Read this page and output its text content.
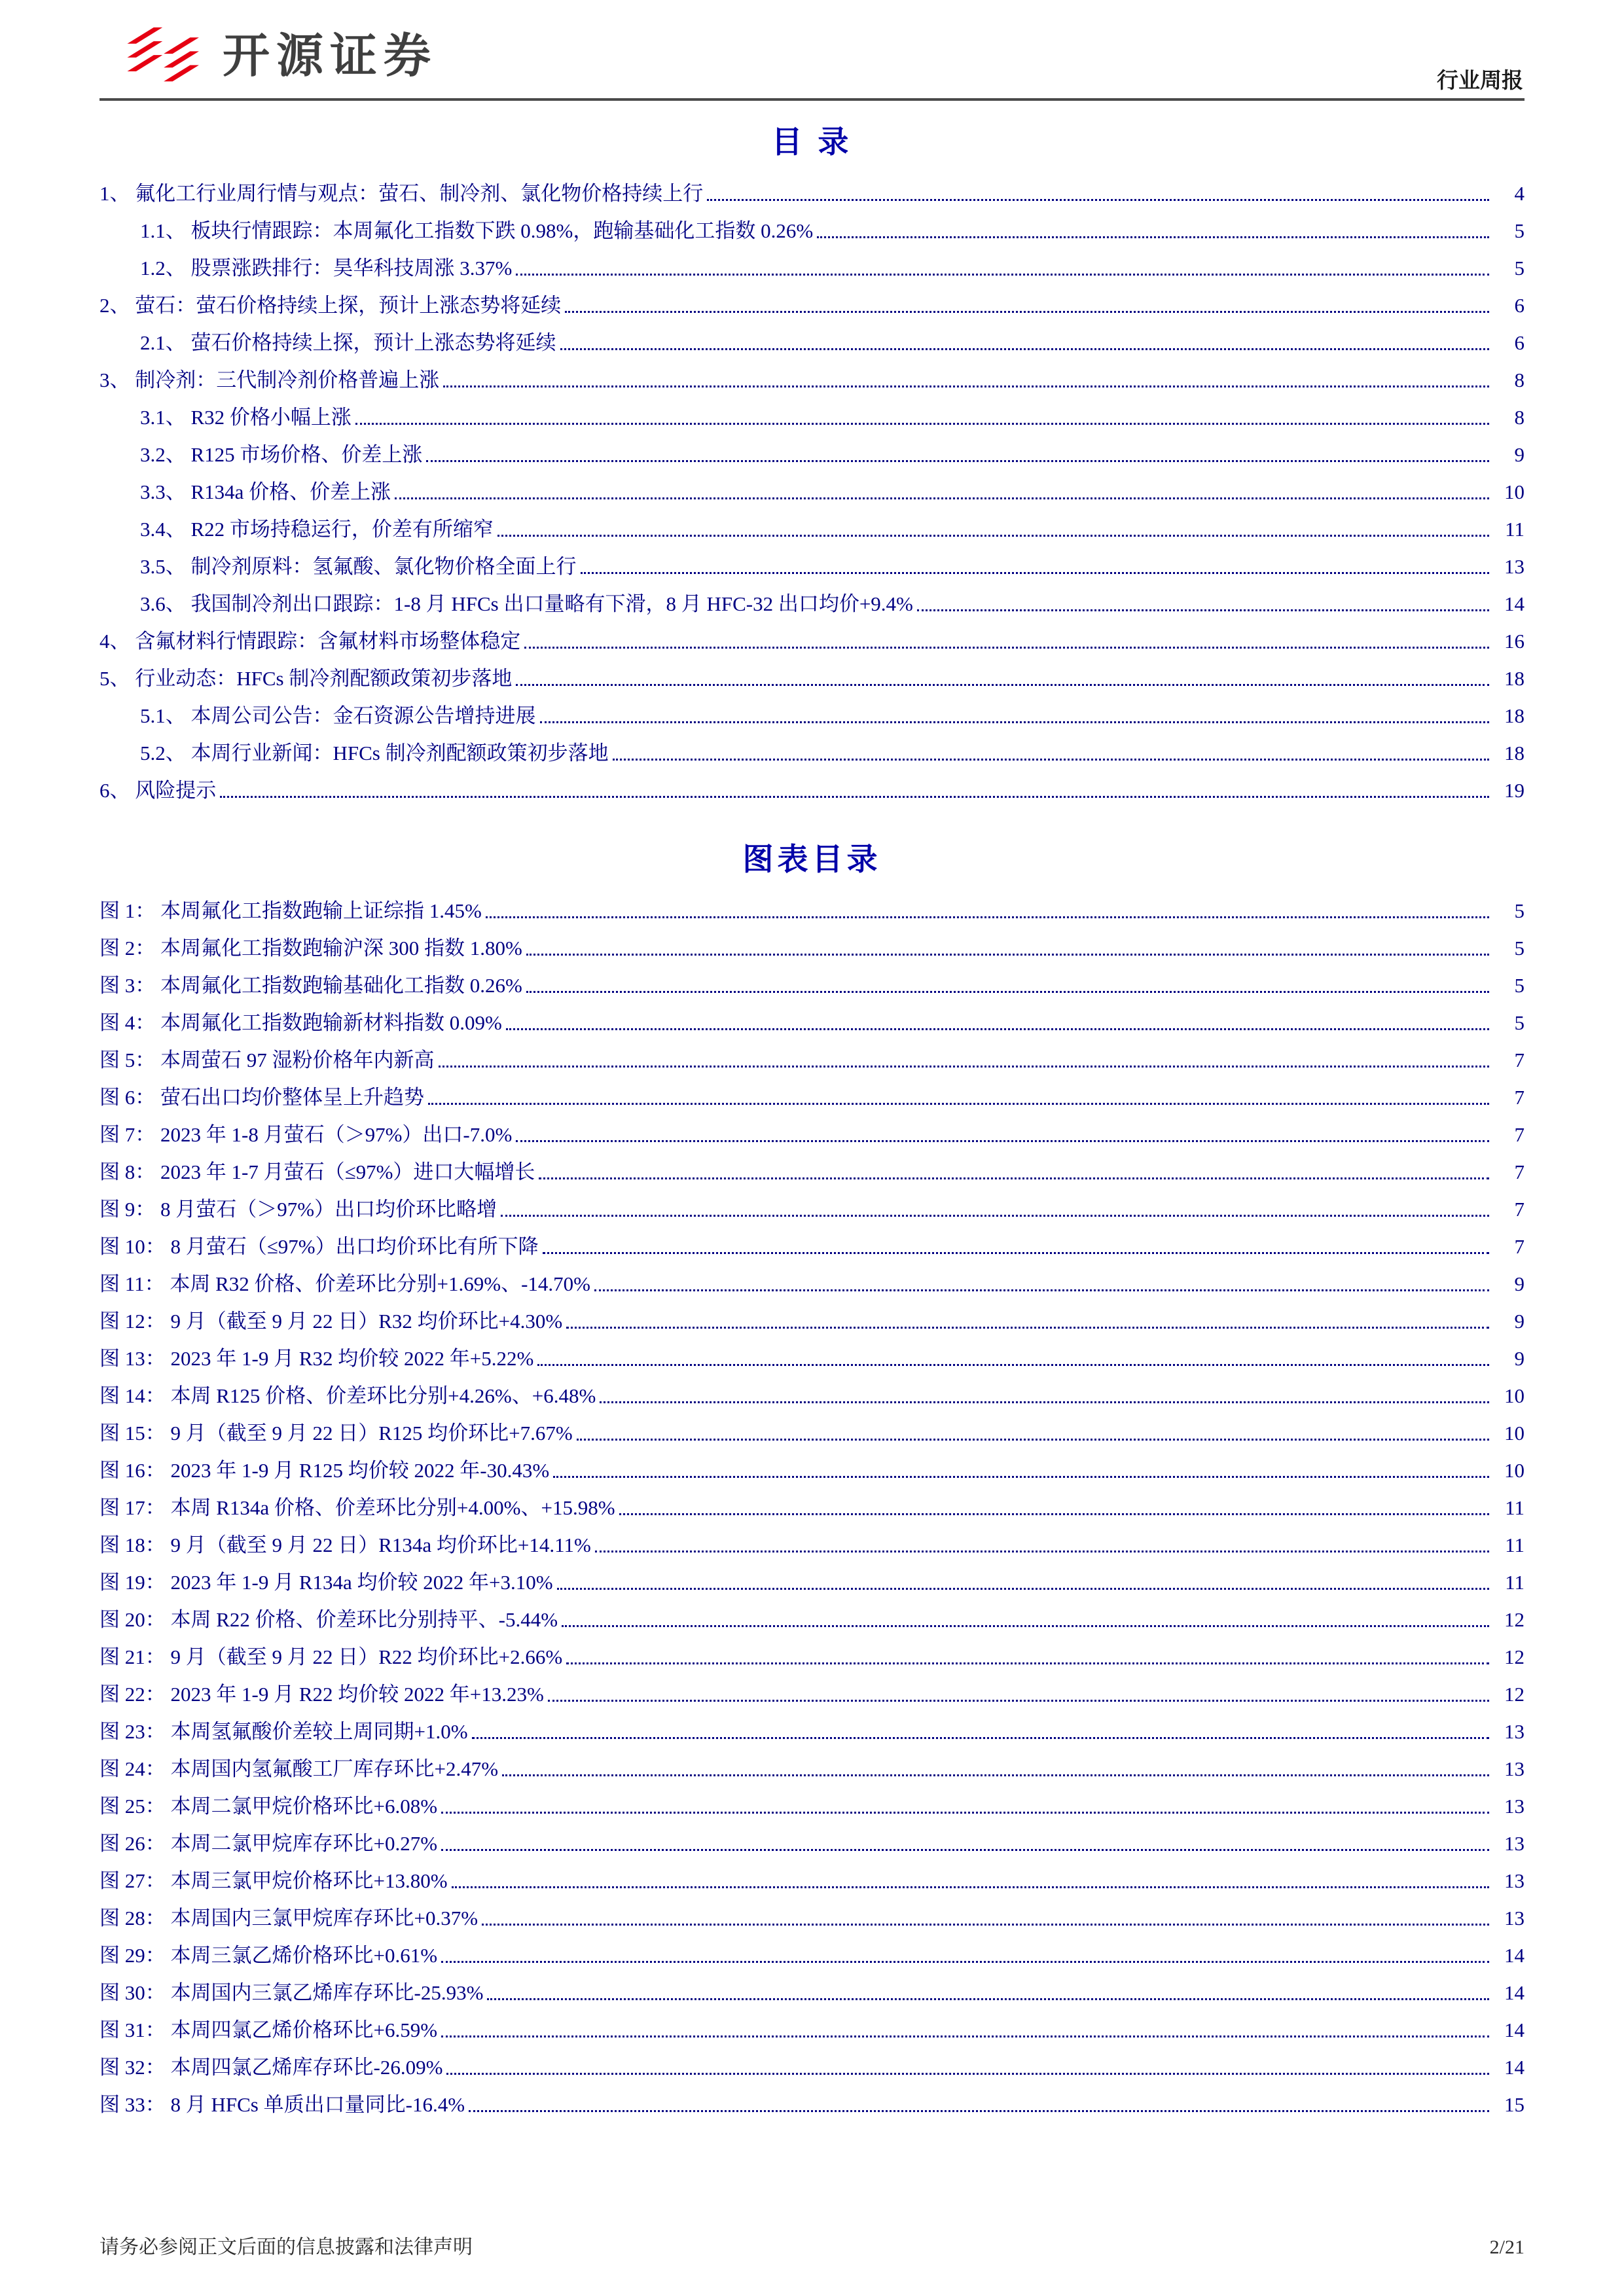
开源证券	行业周报
目 录
1、 氟化工行业周行情与观点：萤石、制冷剂、氯化物价格持续上行	4
1.1、 板块行情跟踪：本周氟化工指数下跌 0.98%，跑输基础化工指数 0.26%	5
1.2、 股票涨跌排行：昊华科技周涨 3.37%	5
2、 萤石：萤石价格持续上探，预计上涨态势将延续	6
2.1、 萤石价格持续上探，预计上涨态势将延续	6
3、 制冷剂：三代制冷剂价格普遍上涨	8
3.1、 R32 价格小幅上涨	8
3.2、 R125 市场价格、价差上涨	9
3.3、 R134a 价格、价差上涨	10
3.4、 R22 市场持稳运行，价差有所缩窄	11
3.5、 制冷剂原料：氢氟酸、氯化物价格全面上行	13
3.6、 我国制冷剂出口跟踪：1-8 月 HFCs 出口量略有下滑，8 月 HFC-32 出口均价+9.4%	14
4、 含氟材料行情跟踪：含氟材料市场整体稳定	16
5、 行业动态：HFCs 制冷剂配额政策初步落地	18
5.1、 本周公司公告：金石资源公告增持进展	18
5.2、 本周行业新闻：HFCs 制冷剂配额政策初步落地	18
6、 风险提示	19
图表目录
图 1： 本周氟化工指数跑输上证综指 1.45%	5
图 2： 本周氟化工指数跑输沪深 300 指数 1.80%	5
图 3： 本周氟化工指数跑输基础化工指数 0.26%	5
图 4： 本周氟化工指数跑输新材料指数 0.09%	5
图 5： 本周萤石 97 湿粉价格年内新高	7
图 6： 萤石出口均价整体呈上升趋势	7
图 7： 2023 年 1-8 月萤石（＞97%）出口-7.0%	7
图 8： 2023 年 1-7 月萤石（≤97%）进口大幅增长	7
图 9： 8 月萤石（＞97%）出口均价环比略增	7
图 10： 8 月萤石（≤97%）出口均价环比有所下降	7
图 11： 本周 R32 价格、价差环比分别+1.69%、-14.70%	9
图 12： 9 月（截至 9 月 22 日）R32 均价环比+4.30%	9
图 13： 2023 年 1-9 月 R32 均价较 2022 年+5.22%	9
图 14： 本周 R125 价格、价差环比分别+4.26%、+6.48%	10
图 15： 9 月（截至 9 月 22 日）R125 均价环比+7.67%	10
图 16： 2023 年 1-9 月 R125 均价较 2022 年-30.43%	10
图 17： 本周 R134a 价格、价差环比分别+4.00%、+15.98%	11
图 18： 9 月（截至 9 月 22 日）R134a 均价环比+14.11%	11
图 19： 2023 年 1-9 月 R134a 均价较 2022 年+3.10%	11
图 20： 本周 R22 价格、价差环比分别持平、-5.44%	12
图 21： 9 月（截至 9 月 22 日）R22 均价环比+2.66%	12
图 22： 2023 年 1-9 月 R22 均价较 2022 年+13.23%	12
图 23： 本周氢氟酸价差较上周同期+1.0%	13
图 24： 本周国内氢氟酸工厂库存环比+2.47%	13
图 25： 本周二氯甲烷价格环比+6.08%	13
图 26： 本周二氯甲烷库存环比+0.27%	13
图 27： 本周三氯甲烷价格环比+13.80%	13
图 28： 本周国内三氯甲烷库存环比+0.37%	13
图 29： 本周三氯乙烯价格环比+0.61%	14
图 30： 本周国内三氯乙烯库存环比-25.93%	14
图 31： 本周四氯乙烯价格环比+6.59%	14
图 32： 本周四氯乙烯库存环比-26.09%	14
图 33： 8 月 HFCs 单质出口量同比-16.4%	15
请务必参阅正文后面的信息披露和法律声明	2/21
